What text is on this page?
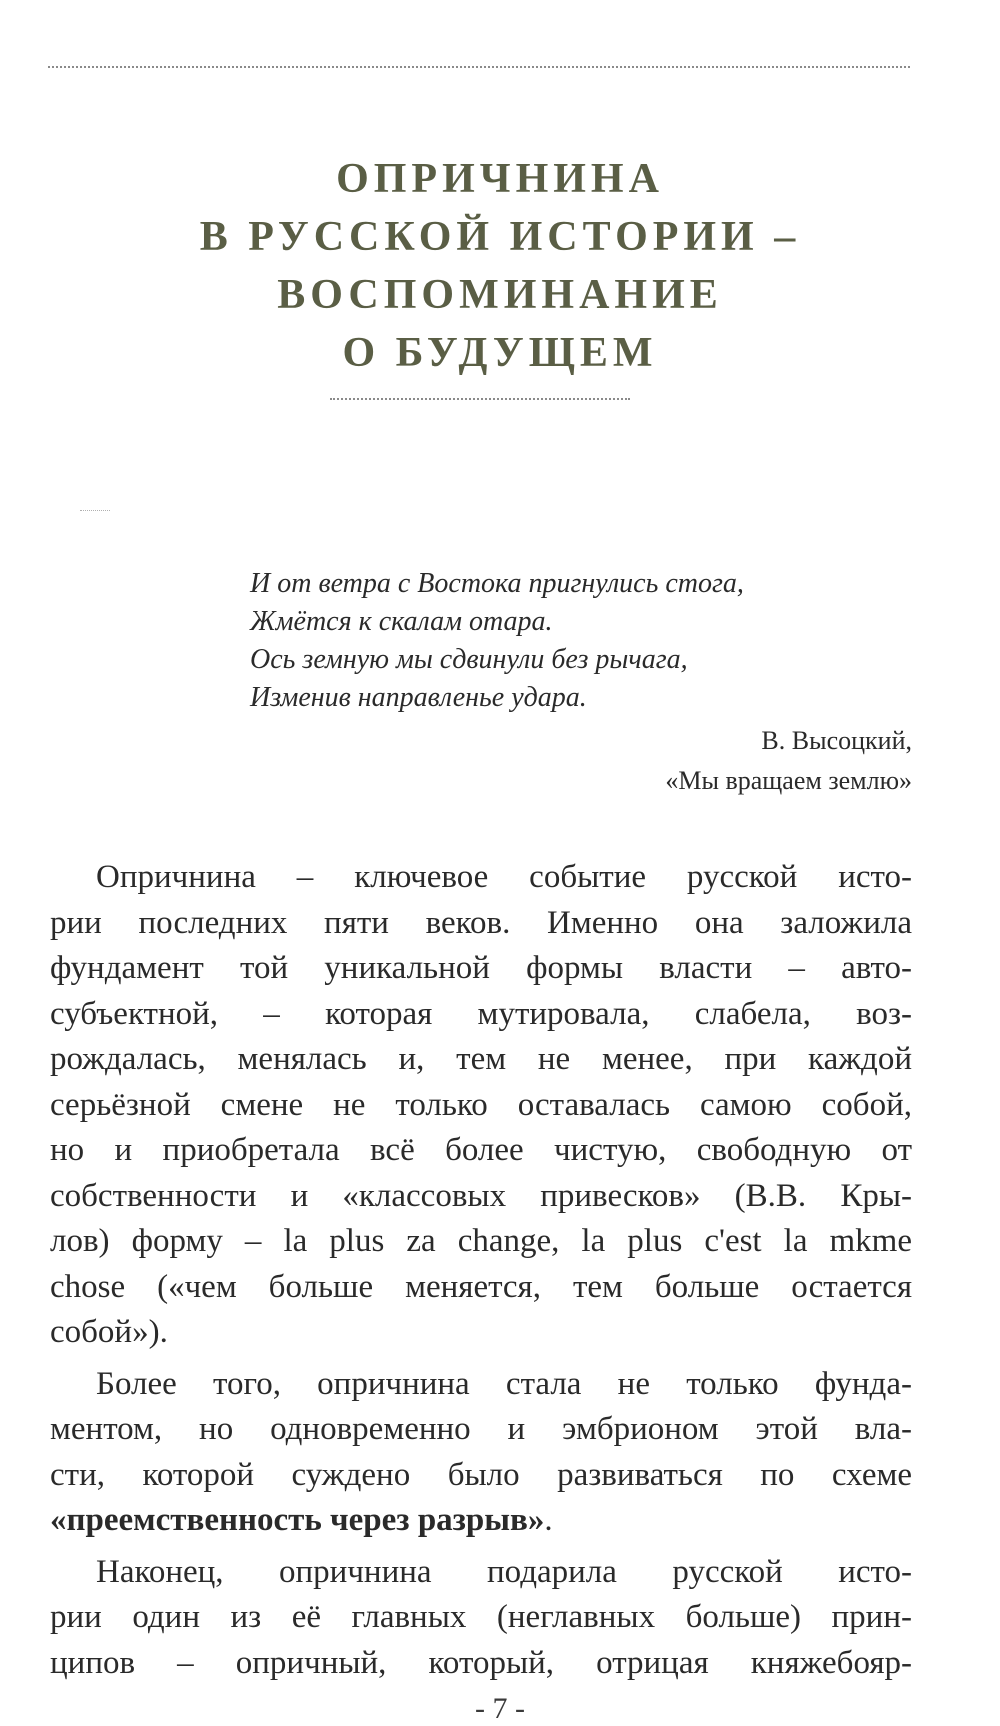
ОПРИЧНИНА
В РУССКОЙ ИСТОРИИ –
ВОСПОМИНАНИЕ
О БУДУЩЕМ
И от ветра с Востока пригнулись стога,
Жмётся к скалам отара.
Ось земную мы сдвинули без рычага,
Изменив направленье удара.
В. Высоцкий,
«Мы вращаем землю»

Опричнина – ключевое событие русской исто-
рии последних пяти веков. Именно она заложила
фундамент той уникальной формы власти – авто-
субъектной, – которая мутировала, слабела, воз-
рождалась, менялась и, тем не менее, при каждой
серьёзной смене не только оставалась самою собой,
но и приобретала всё более чистую, свободную от
собственности и «классовых привесков» (В.В. Кры-
лов) форму – la plus za change, la plus c'est la mkme
chose («чем больше меняется, тем больше остается
собой»).

Более того, опричнина стала не только фунда-
ментом, но одновременно и эмбрионом этой вла-
сти, которой суждено было развиваться по схеме
«преемственность через разрыв».

Наконец, опричнина подарила русской исто-
рии один из её главных (неглавных больше) прин-
ципов – опричный, который, отрицая княжебояр-

- 7 -
